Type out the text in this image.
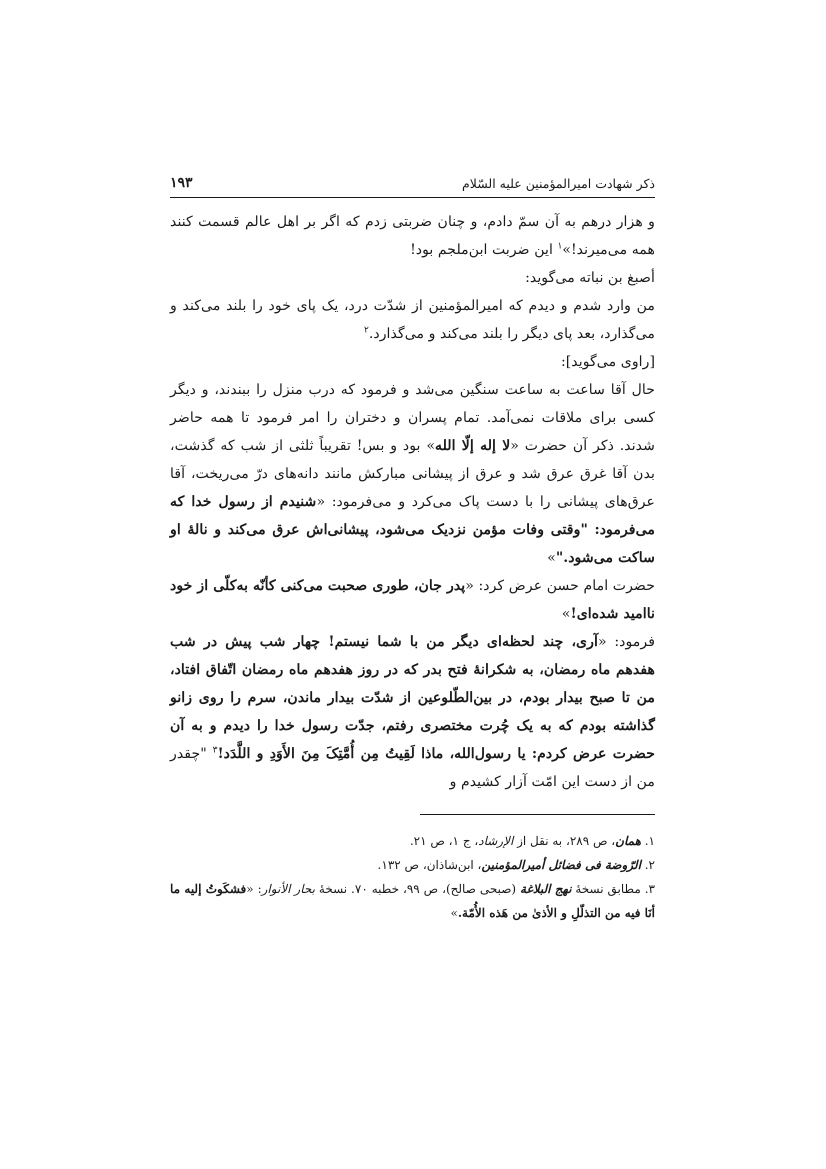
ذکر شهادت امیرالمؤمنین علیه السّلام
۱۹۳

و هزار درهم به آن سمّ دادم، و چنان ضربتی زدم که اگر بر اهل عالم قسمت کنند همه می‌میرند!»$^۱$ این ضربت ابن‌ملجم بود!

أصبغ بن نباته می‌گوید:

من وارد شدم و دیدم که امیرالمؤمنین از شدّت درد، یک پای خود را بلند می‌کند و می‌گذارد، بعد پای دیگر را بلند می‌کند و می‌گذارد.$^۲$

[راوی می‌گوید]:

حال آقا ساعت به ساعت سنگین می‌شد و فرمود که درب منزل را ببندند، و دیگر کسی برای ملاقات نمی‌آمد. تمام پسران و دختران را امر فرمود تا همه حاضر شدند. ذکر آن حضرت «لا إله إلّا الله» بود و بس! تقریباً ثلثی از شب که گذشت، بدن آقا غرق عرق شد و عرق از پیشانی مبارکش مانند دانه‌های درّ می‌ریخت، آقا عرق‌های پیشانی را با دست پاک می‌کرد و می‌فرمود: «شنیدم از رسول خدا که می‌فرمود: "وقتی وفات مؤمن نزدیک می‌شود، پیشانی‌اش عرق می‌کند و نالهٔ او ساکت می‌شود."»

حضرت امام حسن عرض کرد: «پدر جان، طوری صحبت می‌کنی کأنّه به‌کلّی از خود ناامید شده‌ای!»

فرمود: «آری، چند لحظه‌ای دیگر من با شما نیستم! چهار شب پیش در شب هفدهم ماه رمضان، به شکرانهٔ فتح بدر که در روز هفدهم ماه رمضان اتّفاق افتاد، من تا صبح بیدار بودم، در بین‌الطّلوعین از شدّت بیدار ماندن، سرم را روی زانو گذاشته بودم که به یک چُرت مختصری رفتم، جدّت رسول خدا را دیدم و به آن حضرت عرض کردم: یا رسول‌الله، ماذا لَقِیتُ مِن أُمَّتِکَ مِنَ الأَوَدِ و اللَّدَد!$^۳$ "چقدر من از دست این امّت آزار کشیدم و

۱. همان، ص ۲۸۹، به نقل از الإرشاد، ج ۱، ص ۲۱.

۲. الرّوضة فی فضائل أمیرالمؤمنین، ابن‌شاذان، ص ۱۳۲.

۳. مطابق نسخهٔ نهج البلاغة (صبحی صالح)، ص ۹۹، خطبه ۷۰. نسخهٔ بحار الأنوار: «فشکَوتُ إلیه ما أنَا فیه من التذلّلِ و الأذیٰ من هَذه الأُمّة.»
